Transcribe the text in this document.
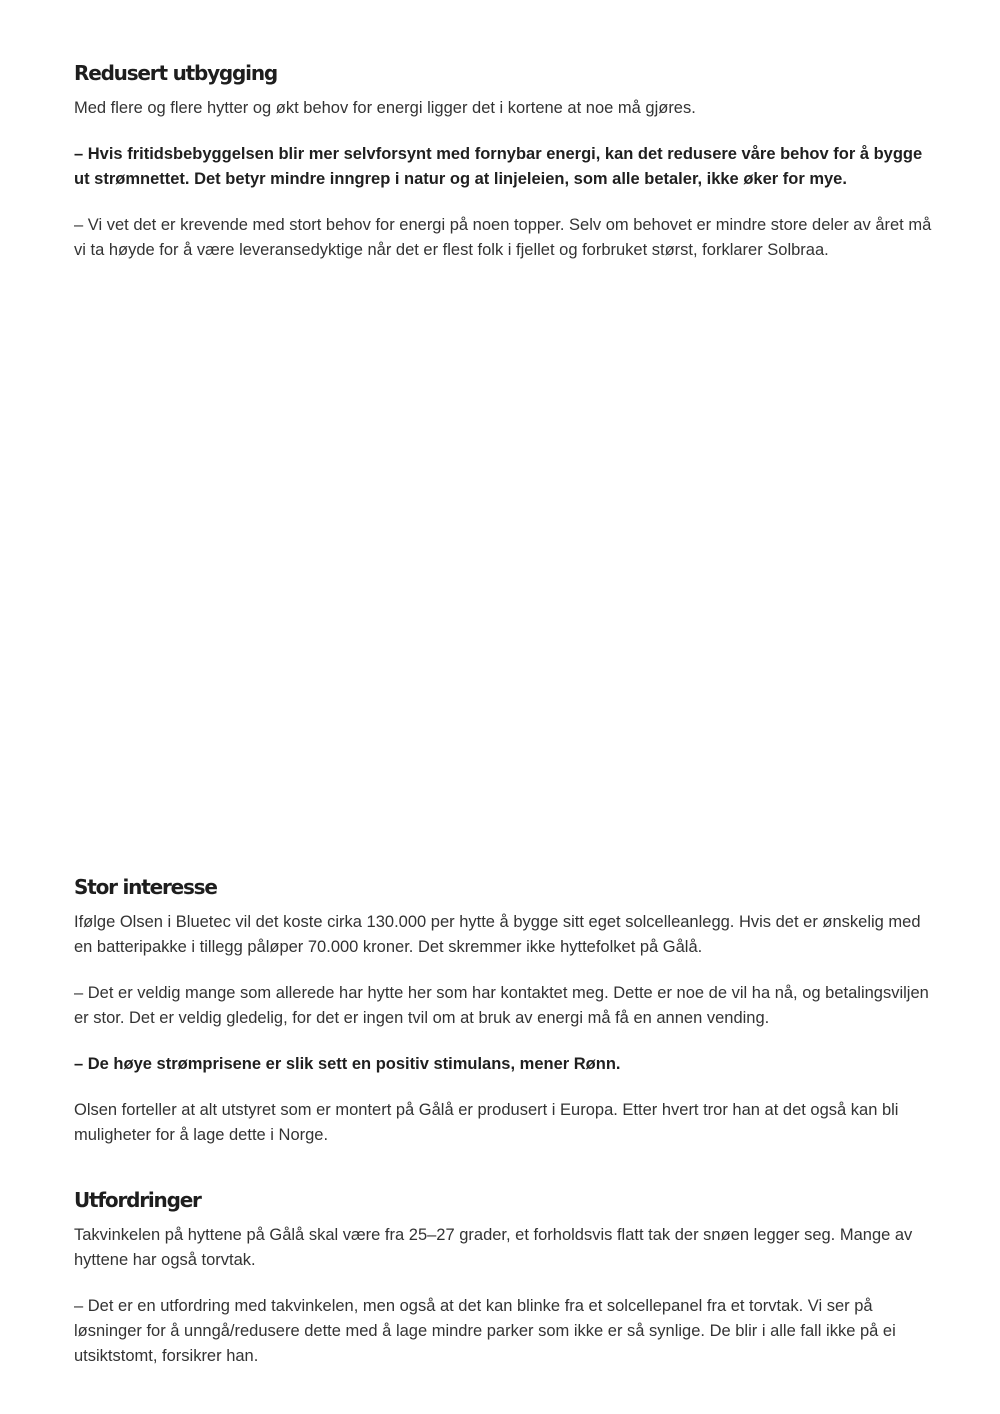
Redusert utbygging

Med flere og flere hytter og økt behov for energi ligger det i kortene at noe må gjøres.

– Hvis fritidsbebyggelsen blir mer selvforsynt med fornybar energi, kan det redusere våre behov for å bygge ut strømnettet. Det betyr mindre inngrep i natur og at linjeleien, som alle betaler, ikke øker for mye.

– Vi vet det er krevende med stort behov for energi på noen topper. Selv om behovet er mindre store deler av året må vi ta høyde for å være leveransedyktige når det er flest folk i fjellet og forbruket størst, forklarer Solbraa.

Stor interesse

Ifølge Olsen i Bluetec vil det koste cirka 130.000 per hytte å bygge sitt eget solcelleanlegg. Hvis det er ønskelig med en batteripakke i tillegg påløper 70.000 kroner. Det skremmer ikke hyttefolket på Gålå.

– Det er veldig mange som allerede har hytte her som har kontaktet meg. Dette er noe de vil ha nå, og betalingsviljen er stor. Det er veldig gledelig, for det er ingen tvil om at bruk av energi må få en annen vending.

– De høye strømprisene er slik sett en positiv stimulans, mener Rønn.

Olsen forteller at alt utstyret som er montert på Gålå er produsert i Europa. Etter hvert tror han at det også kan bli muligheter for å lage dette i Norge.

Utfordringer

Takvinkelen på hyttene på Gålå skal være fra 25–27 grader, et forholdsvis flatt tak der snøen legger seg. Mange av hyttene har også torvtak.

– Det er en utfordring med takvinkelen, men også at det kan blinke fra et solcellepanel fra et torvtak. Vi ser på løsninger for å unngå/redusere dette med å lage mindre parker som ikke er så synlige. De blir i alle fall ikke på ei utsiktstomt, forsikrer han.
